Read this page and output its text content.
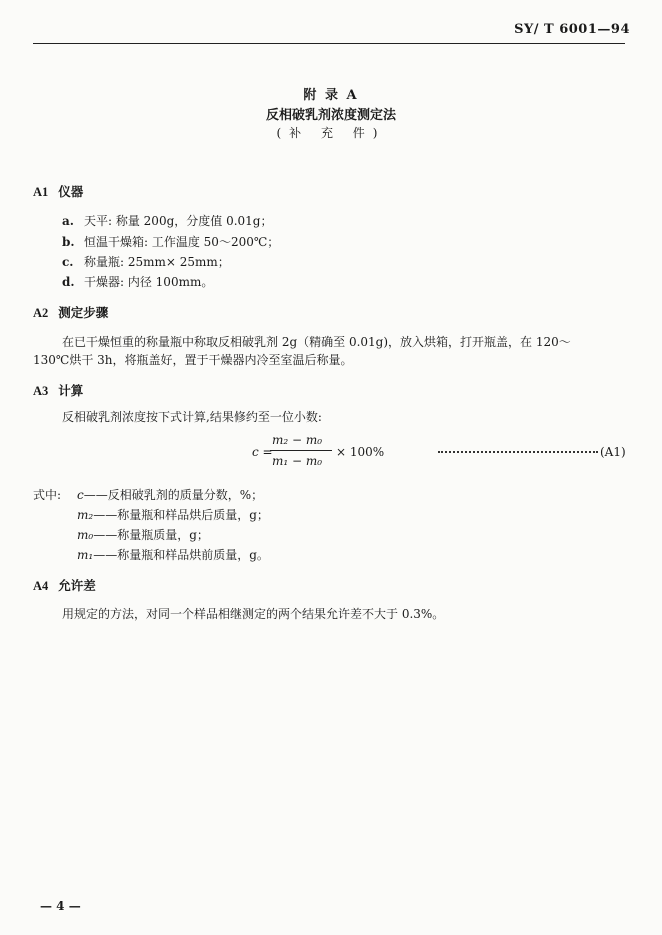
SY/ T 6001—94
附 录 A
反相破乳剂浓度测定法
(补 充 件)
A1 仪器
a. 天平: 称量 200g，分度值 0.01g；
b. 恒温干燥箱: 工作温度 50～200℃；
c. 称量瓶: 25mm× 25mm；
d. 干燥器: 内径 100mm。
A2 测定步骤
在已干燥恒重的称量瓶中称取反相破乳剂 2g（精确至 0.01g)，放入烘箱，打开瓶盖，在 120～
130℃烘干 3h，将瓶盖好，置于干燥器内冷至室温后称量。
A3 计算
反相破乳剂浓度按下式计算,结果修约至一位小数:
c =
m₂ − m₀
m₁ − m₀
× 100%	(A1)
式中: c——反相破乳剂的质量分数，%；
m₂——称量瓶和样品烘后质量，g；
m₀——称量瓶质量，g；
m₁——称量瓶和样品烘前质量，g。
A4 允许差
用规定的方法，对同一个样品相继测定的两个结果允许差不大于 0.3%。
— 4 —
